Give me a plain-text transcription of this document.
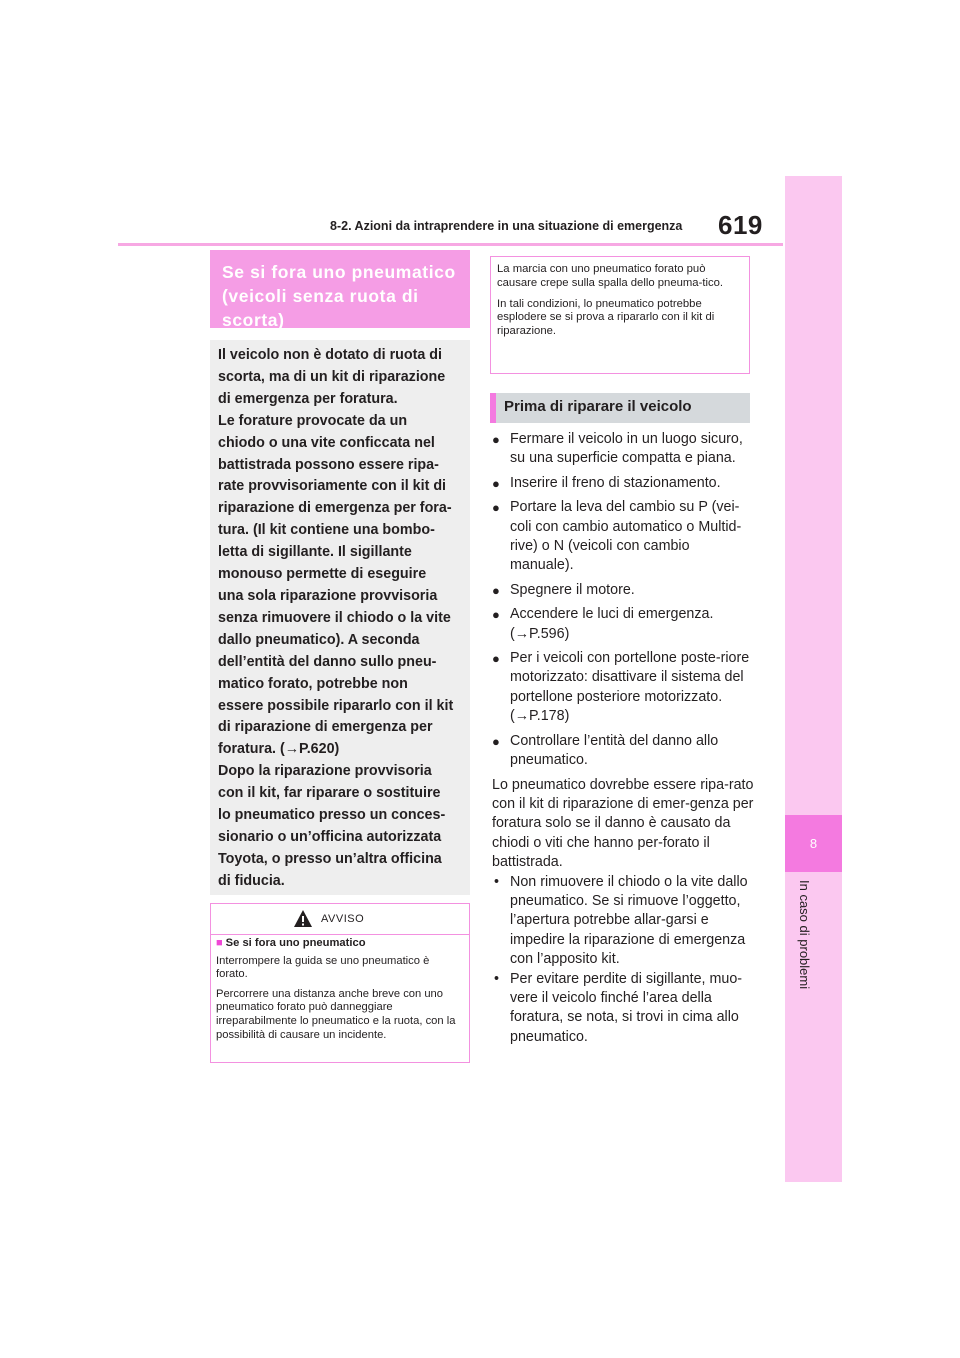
8-2. Azioni da intraprendere in una situazione di emergenza 619
8
In caso di problemi
Se si fora uno pneumatico
(veicoli senza ruota di
scorta)
Il veicolo non è dotato di ruota di
scorta, ma di un kit di riparazione
di emergenza per foratura.
Le forature provocate da un
chiodo o una vite conficcata nel
battistrada possono essere ripa-
rate provvisoriamente con il kit di
riparazione di emergenza per fora-
tura. (Il kit contiene una bombo-
letta di sigillante. Il sigillante
monouso permette di eseguire
una sola riparazione provvisoria
senza rimuovere il chiodo o la vite
dallo pneumatico). A seconda
dell’entità del danno sullo pneu-
matico forato, potrebbe non
essere possibile ripararlo con il kit
di riparazione di emergenza per
foratura. (→P.620)
Dopo la riparazione provvisoria
con il kit, far riparare o sostituire
lo pneumatico presso un conces-
sionario o un’officina autorizzata
Toyota, o presso un’altra officina
di fiducia.
AVVISO
■ Se si fora uno pneumatico

Interrompere la guida se uno pneumatico è forato.

Percorrere una distanza anche breve con uno pneumatico forato può danneggiare irreparabilmente lo pneumatico e la ruota, con la possibilità di causare un incidente.

La marcia con uno pneumatico forato può causare crepe sulla spalla dello pneuma-tico.

In tali condizioni, lo pneumatico potrebbe esplodere se si prova a ripararlo con il kit di riparazione.

Prima di riparare il veicolo
● Fermare il veicolo in un luogo sicuro, su una superficie compatta e piana.
● Inserire il freno di stazionamento.
● Portare la leva del cambio su P (vei-coli con cambio automatico o Multid-rive) o N (veicoli con cambio manuale).
● Spegnere il motore.
● Accendere le luci di emergenza. (→P.596)
● Per i veicoli con portellone poste-riore motorizzato: disattivare il sistema del portellone posteriore motorizzato. (→P.178)
● Controllare l’entità del danno allo pneumatico.
Lo pneumatico dovrebbe essere ripa-rato con il kit di riparazione di emer-genza per foratura solo se il danno è causato da chiodi o viti che hanno per-forato il battistrada.
• Non rimuovere il chiodo o la vite dallo pneumatico. Se si rimuove l’oggetto, l’apertura potrebbe allar-garsi e impedire la riparazione di emergenza con l’apposito kit.
• Per evitare perdite di sigillante, muo-vere il veicolo finché l’area della foratura, se nota, si trovi in cima allo pneumatico.
